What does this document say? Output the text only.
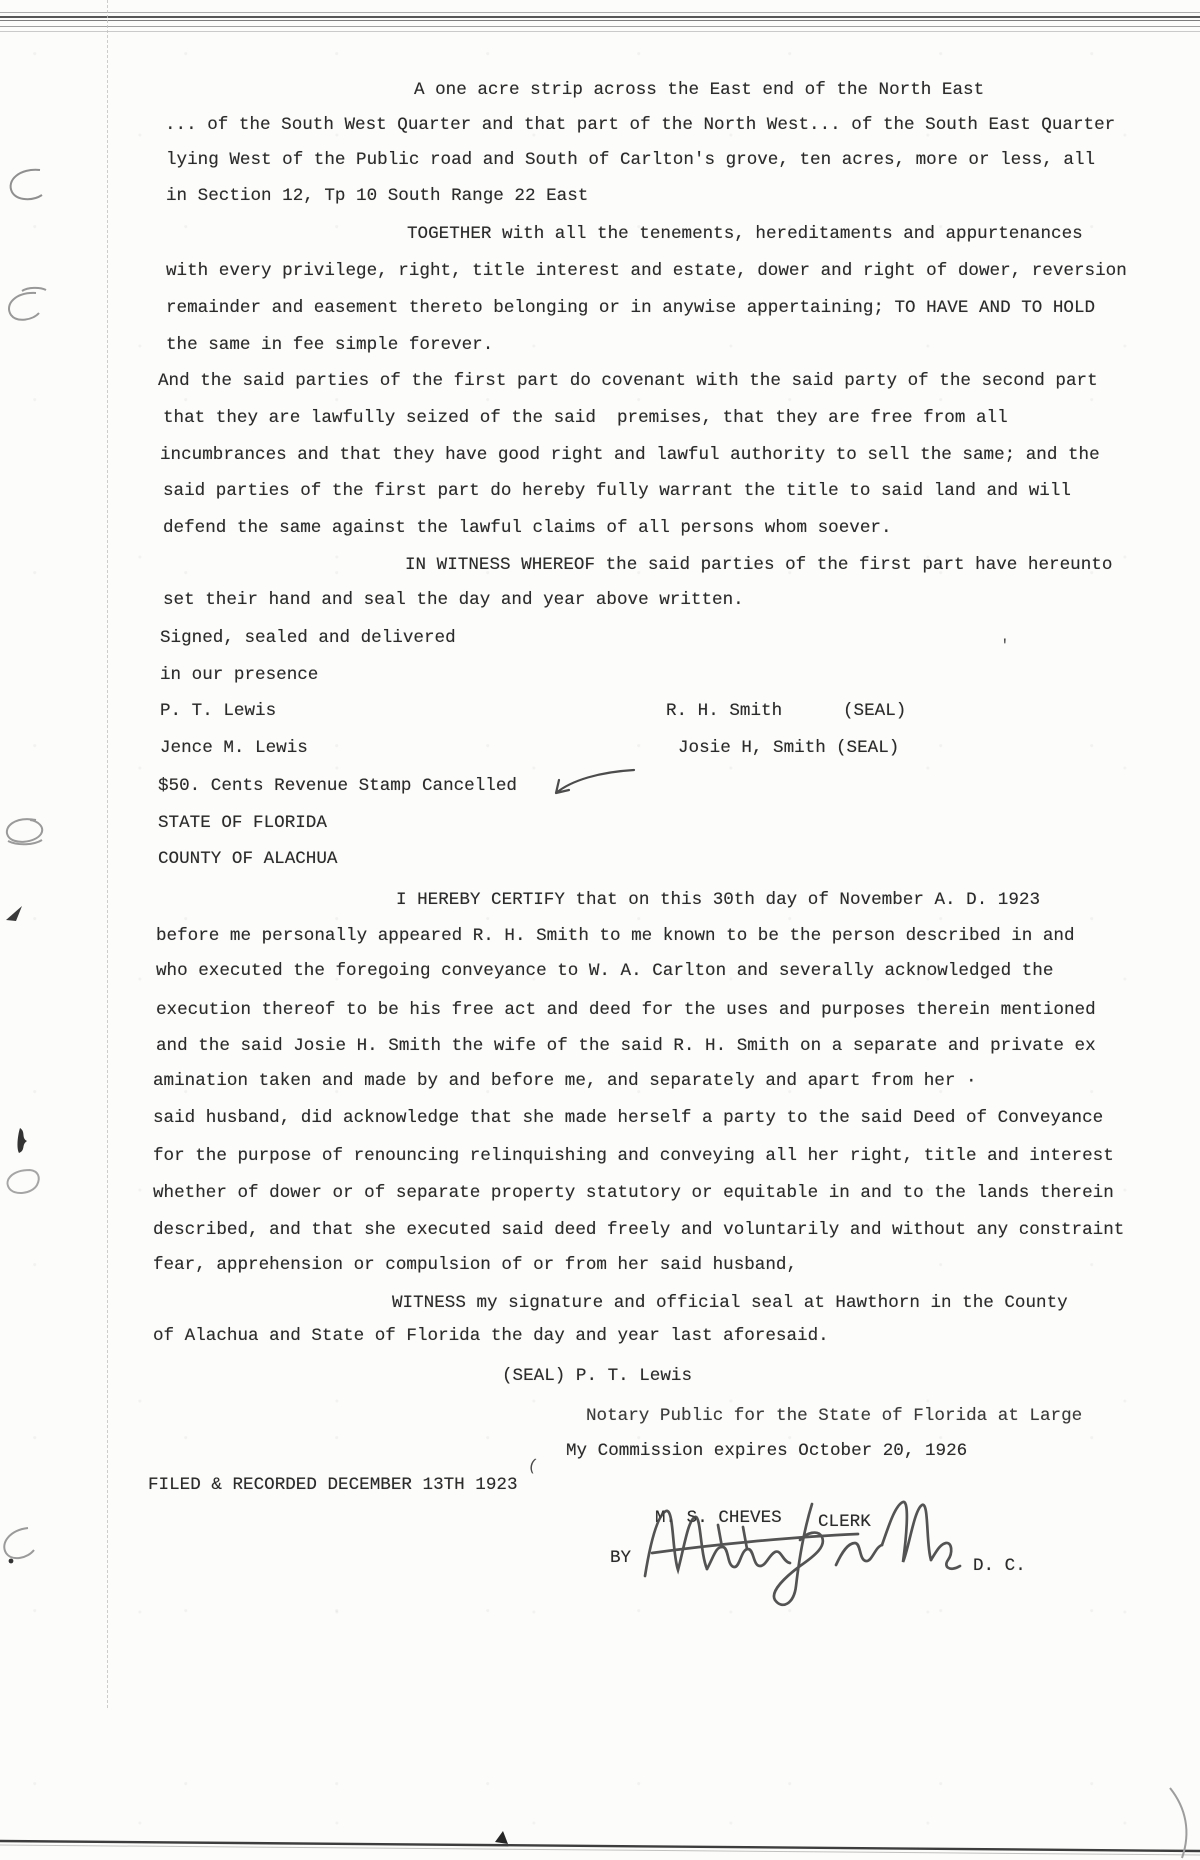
A one acre strip across the East end of the North East
... of the South West Quarter and that part of the North West... of the South East Quarter
lying West of the Public road and South of Carlton's grove, ten acres, more or less, all
in Section 12, Tp 10 South Range 22 East
TOGETHER with all the tenements, hereditaments and appurtenances
with every privilege, right, title interest and estate, dower and right of dower, reversion
remainder and easement thereto belonging or in anywise appertaining; TO HAVE AND TO HOLD
the same in fee simple forever.
And the said parties of the first part do covenant with the said party of the second part
that they are lawfully seized of the said  premises, that they are free from all
incumbrances and that they have good right and lawful authority to sell the same; and the
said parties of the first part do hereby fully warrant the title to said land and will
defend the same against the lawful claims of all persons whom soever.
IN WITNESS WHEREOF the said parties of the first part have hereunto
set their hand and seal the day and year above written.
Signed, sealed and delivered
in our presence
P. T. Lewis	R. H. Smith	(SEAL)
Jence M. Lewis	Josie H, Smith (SEAL)
$50. Cents Revenue Stamp Cancelled
STATE OF FLORIDA
COUNTY OF ALACHUA
I HEREBY CERTIFY that on this 30th day of November A. D. 1923
before me personally appeared R. H. Smith to me known to be the person described in and
who executed the foregoing conveyance to W. A. Carlton and severally acknowledged the
execution thereof to be his free act and deed for the uses and purposes therein mentioned
and the said Josie H. Smith the wife of the said R. H. Smith on a separate and private ex
amination taken and made by and before me, and separately and apart from her ·
said husband, did acknowledge that she made herself a party to the said Deed of Conveyance
for the purpose of renouncing relinquishing and conveying all her right, title and interest
whether of dower or of separate property statutory or equitable in and to the lands therein
described, and that she executed said deed freely and voluntarily and without any constraint
fear, apprehension or compulsion of or from her said husband,
WITNESS my signature and official seal at Hawthorn in the County
of Alachua and State of Florida the day and year last aforesaid.
(SEAL) P. T. Lewis
Notary Public for the State of Florida at Large
My Commission expires October 20, 1926
FILED & RECORDED DECEMBER 13TH 1923
(
M. S. CHEVES CLERK
BY	D. C.
'
